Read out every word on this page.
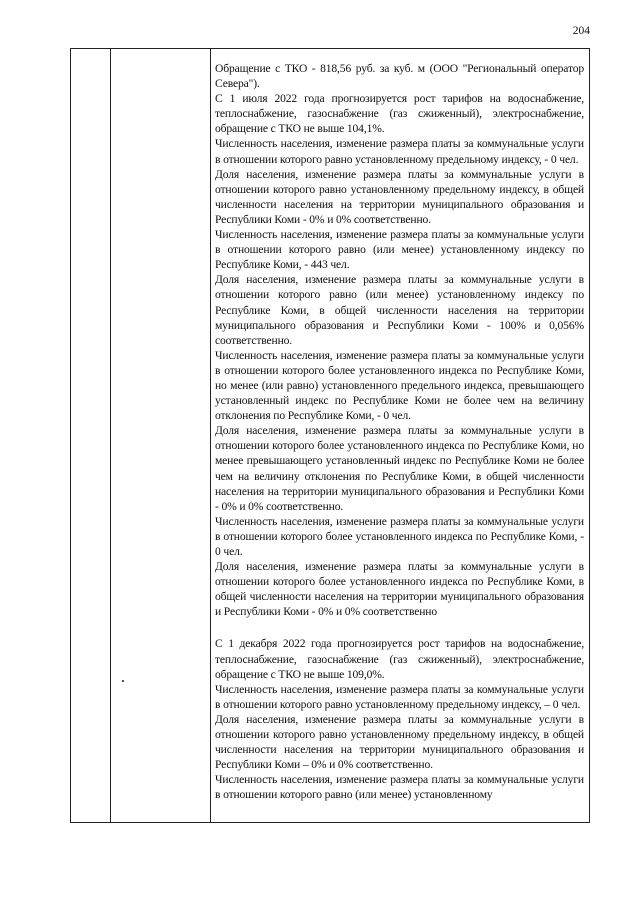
204

Обращение с ТКО - 818,56 руб. за куб. м (ООО "Региональный оператор Севера").

С 1 июля 2022 года прогнозируется рост тарифов на водоснабжение, теплоснабжение, газоснабжение (газ сжиженный), электроснабжение, обращение с ТКО не выше 104,1%.

Численность населения, изменение размера платы за коммунальные услуги в отношении которого равно установленному предельному индексу, - 0 чел.

Доля населения, изменение размера платы за коммунальные услуги в отношении которого равно установленному предельному индексу, в общей численности населения на территории муниципального образования и Республики Коми - 0% и 0% соответственно.

Численность населения, изменение размера платы за коммунальные услуги в отношении которого равно (или менее) установленному индексу по Республике Коми, - 443 чел.

Доля населения, изменение размера платы за коммунальные услуги в отношении которого равно (или менее) установленному индексу по Республике Коми, в общей численности населения на территории муниципального образования и Республики Коми - 100% и 0,056% соответственно.

Численность населения, изменение размера платы за коммунальные услуги в отношении которого более установленного индекса по Республике Коми, но менее (или равно) установленного предельного индекса, превышающего установленный индекс по Республике Коми не более чем на величину отклонения по Республике Коми, - 0 чел.

Доля населения, изменение размера платы за коммунальные услуги в отношении которого более установленного индекса по Республике Коми, но менее превышающего установленный индекс по Республике Коми не более чем на величину отклонения по Республике Коми, в общей численности населения на территории муниципального образования и Республики Коми - 0% и 0% соответственно.

Численность населения, изменение размера платы за коммунальные услуги в отношении которого более установленного индекса по Республике Коми, - 0 чел.

Доля населения, изменение размера платы за коммунальные услуги в отношении которого более установленного индекса по Республике Коми, в общей численности населения на территории муниципального образования и Республики Коми - 0% и 0% соответственно

С 1 декабря 2022 года прогнозируется рост тарифов на водоснабжение, теплоснабжение, газоснабжение (газ сжиженный), электроснабжение, обращение с ТКО не выше 109,0%.

Численность населения, изменение размера платы за коммунальные услуги в отношении которого равно установленному предельному индексу, – 0 чел.

Доля населения, изменение размера платы за коммунальные услуги в отношении которого равно установленному предельному индексу, в общей численности населения на территории муниципального образования и Республики Коми – 0% и 0% соответственно.

Численность населения, изменение размера платы за коммунальные услуги в отношении которого равно (или менее) установленному
